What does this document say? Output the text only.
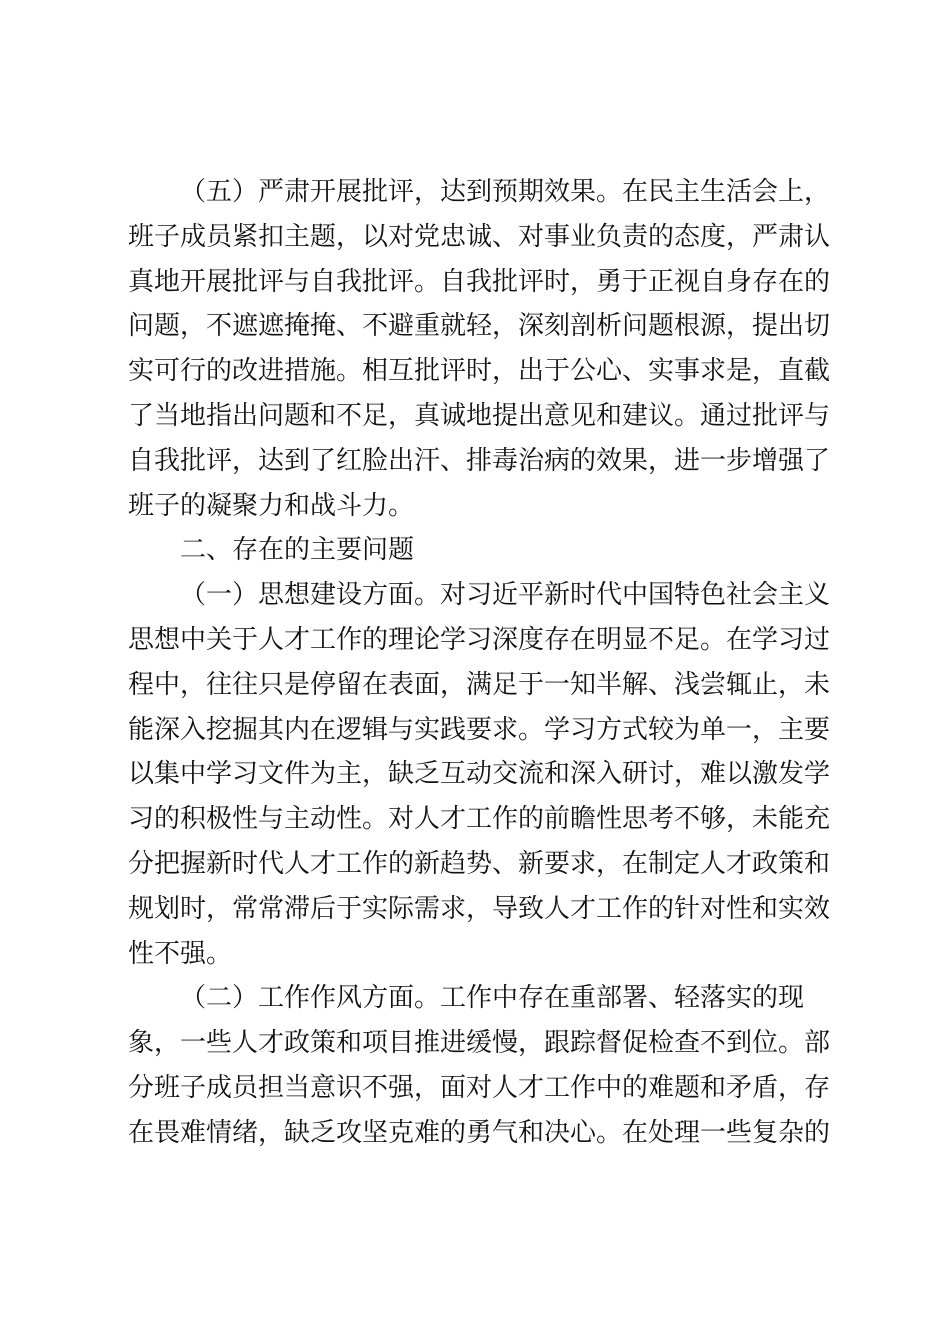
（五）严肃开展批评，达到预期效果。在民主生活会上，
班子成员紧扣主题，以对党忠诚、对事业负责的态度，严肃认
真地开展批评与自我批评。自我批评时，勇于正视自身存在的
问题，不遮遮掩掩、不避重就轻，深刻剖析问题根源，提出切
实可行的改进措施。相互批评时，出于公心、实事求是，直截
了当地指出问题和不足，真诚地提出意见和建议。通过批评与
自我批评，达到了红脸出汗、排毒治病的效果，进一步增强了
班子的凝聚力和战斗力。
二、存在的主要问题
（一）思想建设方面。对习近平新时代中国特色社会主义
思想中关于人才工作的理论学习深度存在明显不足。在学习过
程中，往往只是停留在表面，满足于一知半解、浅尝辄止，未
能深入挖掘其内在逻辑与实践要求。学习方式较为单一，主要
以集中学习文件为主，缺乏互动交流和深入研讨，难以激发学
习的积极性与主动性。对人才工作的前瞻性思考不够，未能充
分把握新时代人才工作的新趋势、新要求，在制定人才政策和
规划时，常常滞后于实际需求，导致人才工作的针对性和实效
性不强。
（二）工作作风方面。工作中存在重部署、轻落实的现
象，一些人才政策和项目推进缓慢，跟踪督促检查不到位。部
分班子成员担当意识不强，面对人才工作中的难题和矛盾，存
在畏难情绪，缺乏攻坚克难的勇气和决心。在处理一些复杂的
